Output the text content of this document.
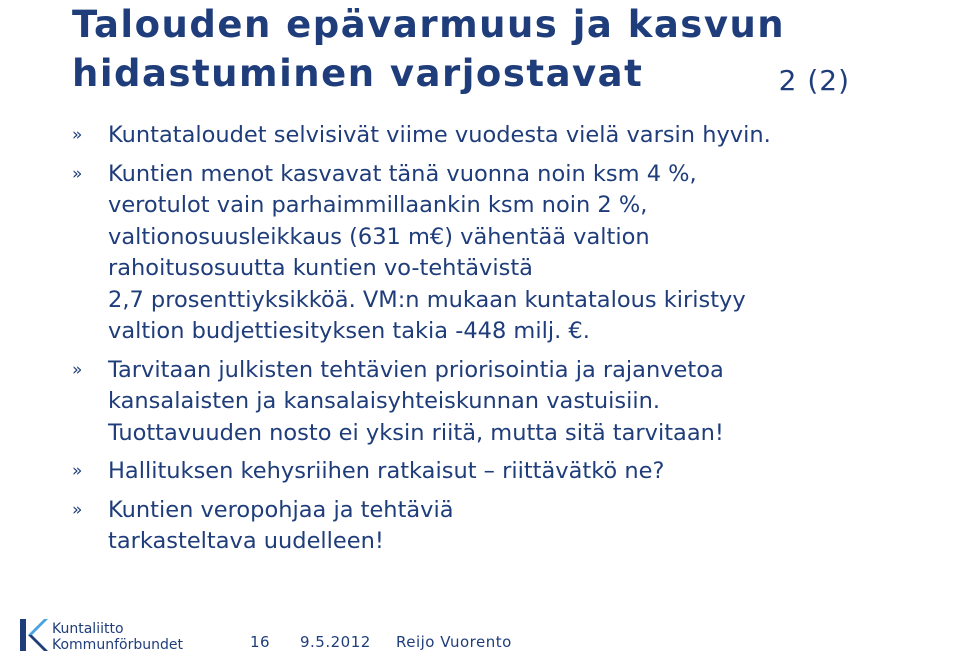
Talouden epävarmuus ja kasvun
hidastuminen varjostavat	2 (2)
» Kuntataloudet selvisivät viime vuodesta vielä varsin hyvin.
» Kuntien menot kasvavat tänä vuonna noin ksm 4 %,
verotulot vain parhaimmillaankin ksm noin 2 %,
valtionosuusleikkaus (631 m€) vähentää valtion
rahoitusosuutta kuntien vo-tehtävistä
2,7 prosenttiyksikköä. VM:n mukaan kuntatalous kiristyy
valtion budjettiesityksen takia -448 milj. €.
» Tarvitaan julkisten tehtävien priorisointia ja rajanvetoa
kansalaisten ja kansalaisyhteiskunnan vastuisiin.
Tuottavuuden nosto ei yksin riitä, mutta sitä tarvitaan!
» Hallituksen kehysriihen ratkaisut – riittävätkö ne?
» Kuntien veropohjaa ja tehtäviä
tarkasteltava uudelleen!
Kuntaliitto
Kommunförbundet	16 9.5.2012 Reijo Vuorento
